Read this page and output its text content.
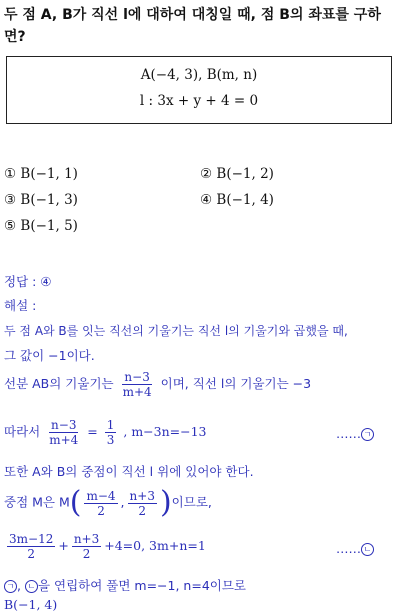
두 점 A, B가 직선 l에 대하여 대칭일 때, 점 B의 좌표를 구하
면?
A(−4, 3), B(m, n)
l : 3x + y + 4 = 0
① B(−1, 1)	② B(−1, 2)
③ B(−1, 3)	④ B(−1, 4)
⑤ B(−1, 5)
정답 : ④
해설 :
두 점 A와 B를 잇는 직선의 기울기는 직선 l의 기울기와 곱했을 때,
그 값이 −1이다.
선분 AB의 기울기는 $\frac{n-3}{m+4}$ 이며, 직선 l의 기울기는 −3
따라서 $\frac{n-3}{m+4} = \frac{1}{3}$ , m−3n=−13	…… ㄱ
또한 A와 B의 중점이 직선 l 위에 있어야 한다.
중점 M은 $M( \frac{m-4}{2}$ , $\frac{n+3}{2}$ )이므로,
$\frac{3m-12}{2} + \frac{n+3}{2} +4=0$, 3m+n=1	…… ㄴ
ㄱ , ㄴ 을 연립하여 풀면 m=−1, n=4이므로
B(−1, 4)
